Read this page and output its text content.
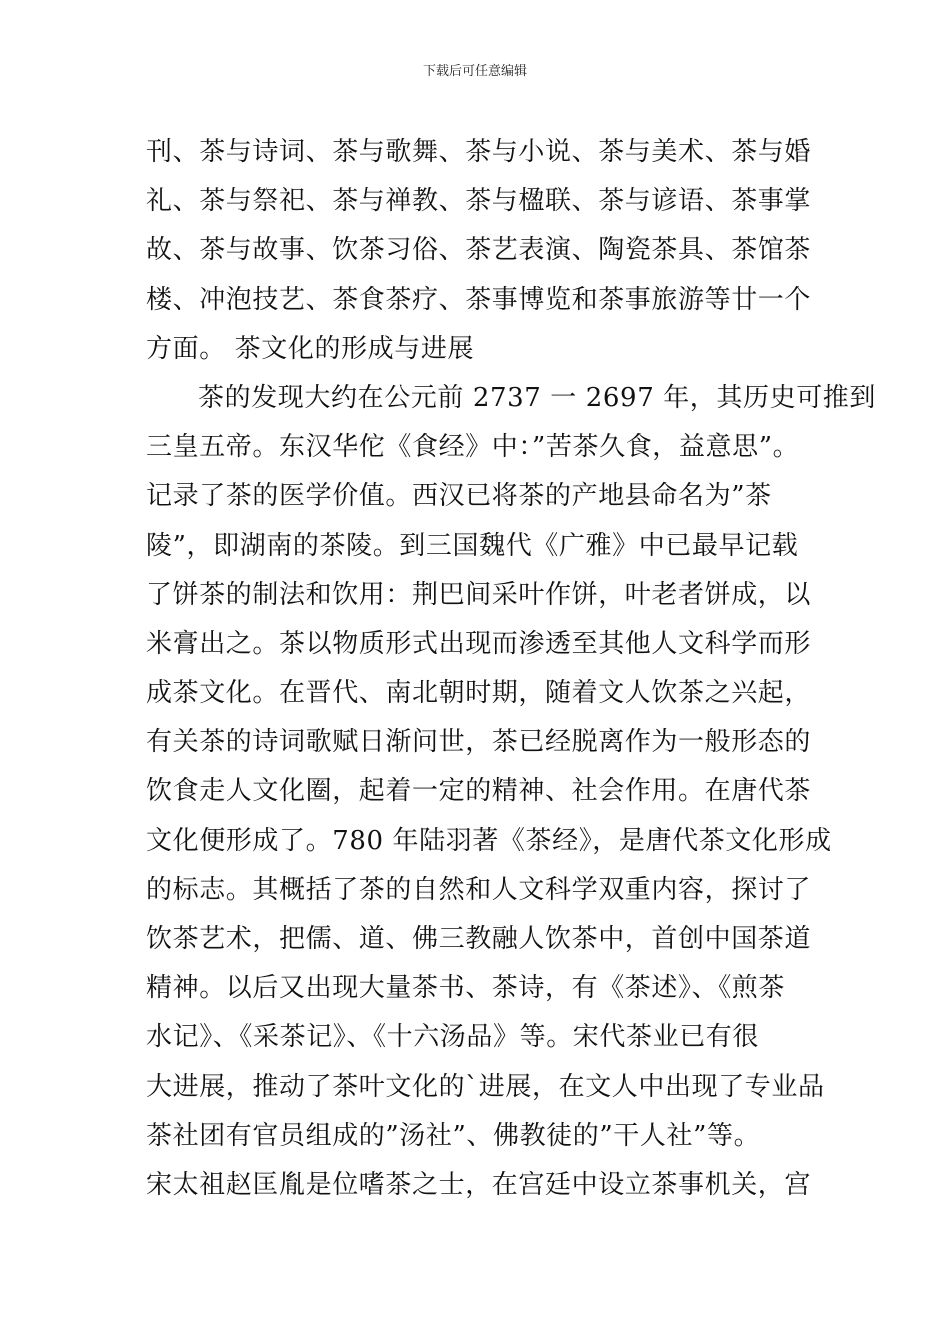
下载后可任意编辑
刊、茶与诗词、茶与歌舞、茶与小说、茶与美术、茶与婚
礼、茶与祭祀、茶与禅教、茶与楹联、茶与谚语、茶事掌
故、茶与故事、饮茶习俗、茶艺表演、陶瓷茶具、茶馆茶
楼、冲泡技艺、茶食茶疗、茶事博览和茶事旅游等廿一个
方面。 茶文化的形成与进展
茶的发现大约在公元前 2737 一 2697 年，其历史可推到
三皇五帝。东汉华佗《食经》中：”苦茶久食，益意思”。
记录了茶的医学价值。西汉已将茶的产地县命名为”茶
陵”，即湖南的茶陵。到三国魏代《广雅》中已最早记载
了饼茶的制法和饮用：荆巴间采叶作饼，叶老者饼成，以
米膏出之。茶以物质形式出现而渗透至其他人文科学而形
成茶文化。在晋代、南北朝时期，随着文人饮茶之兴起，
有关茶的诗词歌赋日渐问世，茶已经脱离作为一般形态的
饮食走人文化圈，起着一定的精神、社会作用。在唐代茶
文化便形成了。780 年陆羽著《茶经》，是唐代茶文化形成
的标志。其概括了茶的自然和人文科学双重内容，探讨了
饮茶艺术，把儒、道、佛三教融人饮茶中，首创中国茶道
精神。以后又出现大量茶书、茶诗，有《茶述》、《煎茶
水记》、《采茶记》、《十六汤品》等。宋代茶业已有很
大进展，推动了茶叶文化的`进展，在文人中出现了专业品
茶社团有官员组成的”汤社”、佛教徒的”干人社”等。
宋太祖赵匡胤是位嗜茶之士，在宫廷中设立茶事机关，宫
